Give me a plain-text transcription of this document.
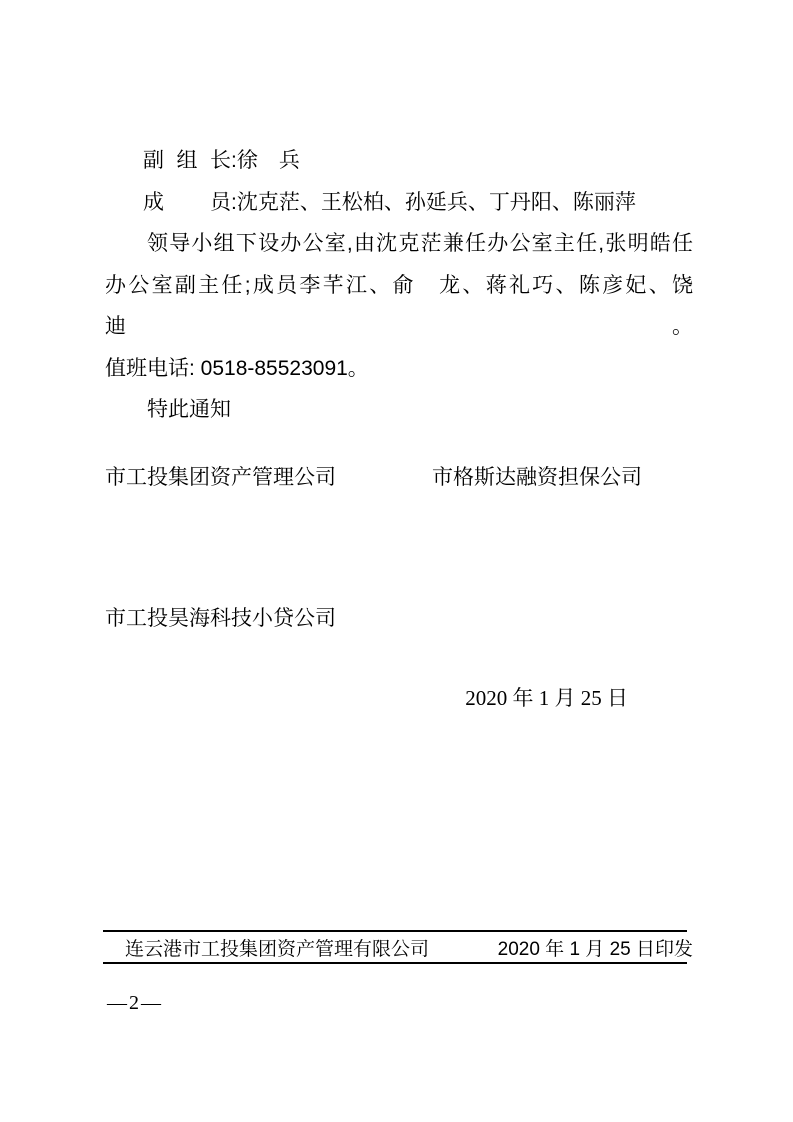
副组长:徐　兵
成员:沈克茫、王松柏、孙延兵、丁丹阳、陈丽萍
领导小组下设办公室,由沈克茫兼任办公室主任,张明皓任
办公室副主任;成员李芊江、俞　龙、蒋礼巧、陈彦妃、饶　迪。
值班电话: 0518-85523091。
特此通知
市工投集团资产管理公司	市格斯达融资担保公司
市工投昊海科技小贷公司
2020 年 1 月 25 日
连云港市工投集团资产管理有限公司	2020 年 1 月 25 日印发
—2—
